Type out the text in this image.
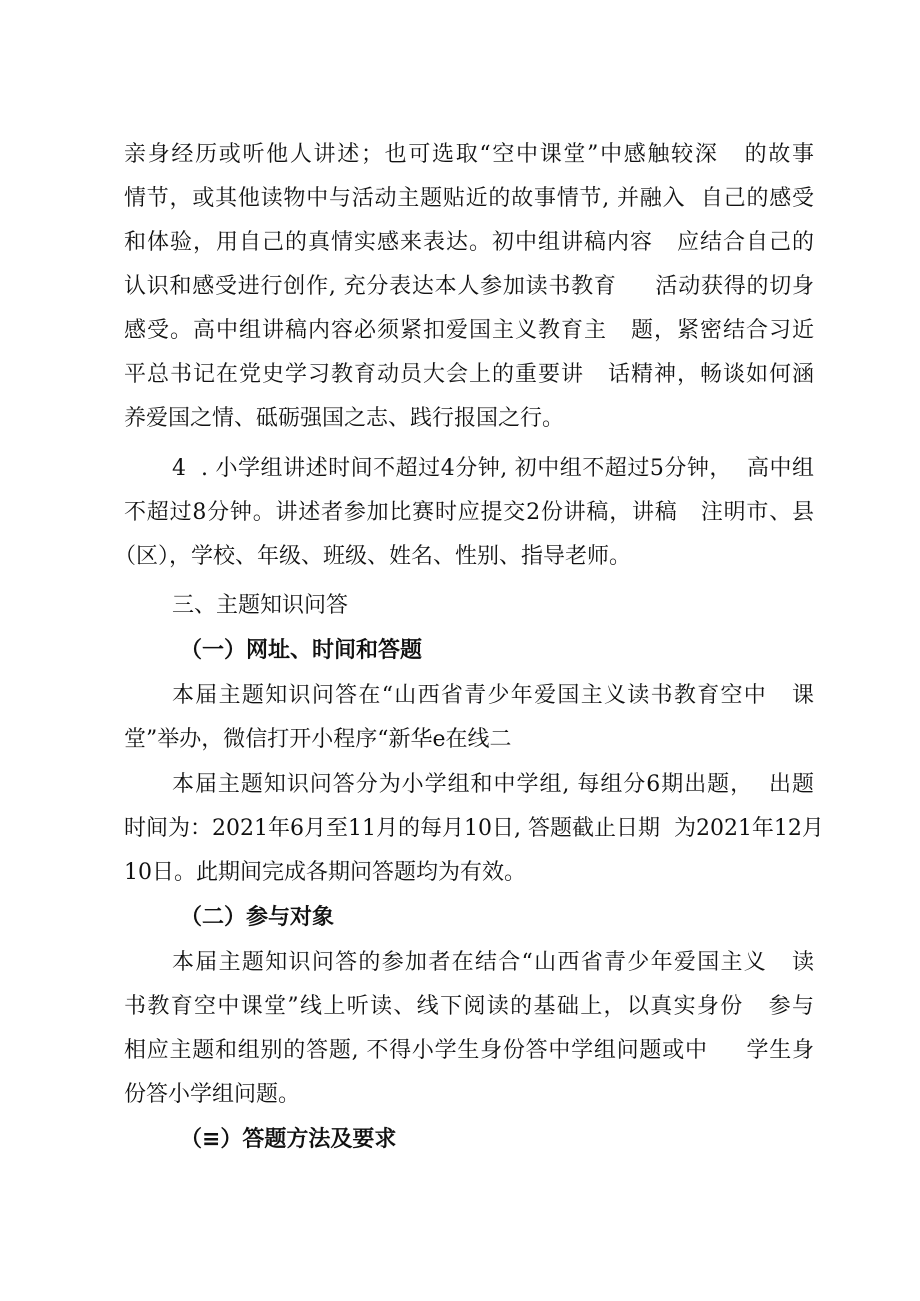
亲身经历或听他人讲述；也可选取“空中课堂”中感触较深   的故事

情节，或其他读物中与活动主题贴近的故事情节, 并融入  自己的感受

和体验，用自己的真情实感来表达。初中组讲稿内容   应结合自己的

认识和感受进行创作, 充分表达本人参加读书教育     活动获得的切身

感受。高中组讲稿内容必须紧扣爱国主义教育主   题，紧密结合习近

平总书记在党史学习教育动员大会上的重要讲   话精神，畅谈如何涵

养爱国之情、砥砺强国之志、践行报国之行。

4  . 小学组讲述时间不超过4分钟, 初中组不超过5分钟，  高中组

不超过8分钟。讲述者参加比赛时应提交2份讲稿，讲稿   注明市、县

（区），学校、年级、班级、姓名、性别、指导老师。

三、主题知识问答

（一）网址、时间和答题

本届主题知识问答在“山西省青少年爱国主义读书教育空中   课

堂”举办，微信打开小程序“新华e在线二

本届主题知识问答分为小学组和中学组, 每组分6期出题，  出题

时间为：2021年6月至11月的每月10日, 答题截止日期  为2021年12月

10日。此期间完成各期问答题均为有效。

（二）参与对象

本届主题知识问答的参加者在结合“山西省青少年爱国主义   读

书教育空中课堂”线上听读、线下阅读的基础上，以真实身份   参与

相应主题和组别的答题, 不得小学生身份答中学组问题或中     学生身

份答小学组问题。

（≡）答题方法及要求
